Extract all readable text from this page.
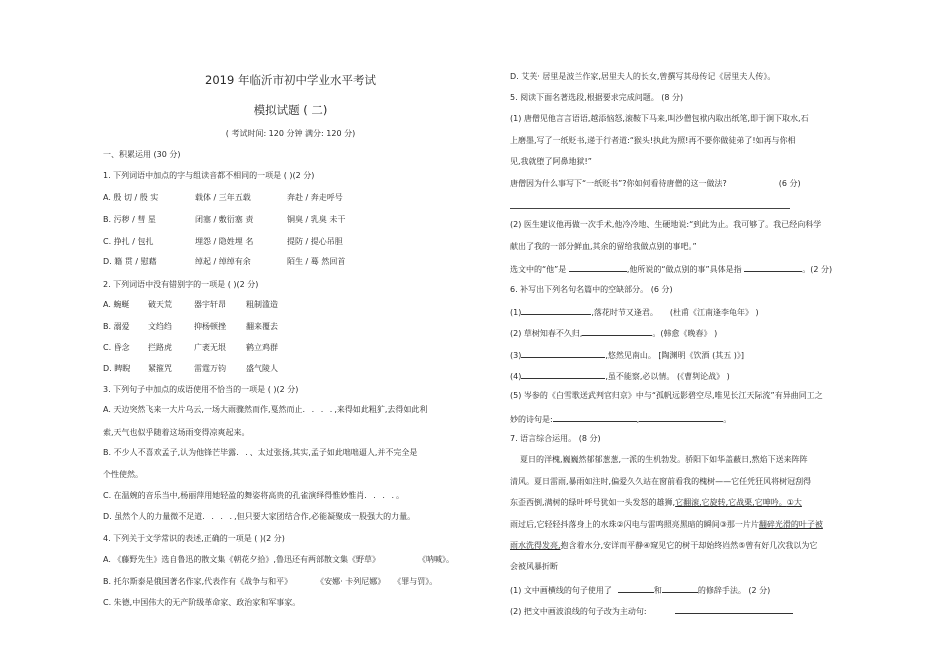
2019 年临沂市初中学业水平考试
模拟试题 ( 二)
( 考试时间: 120 分钟 满分: 120 分)
一、积累运用 (30 分)
1. 下列词语中加点的字与组读音都不相同的一项是 ( )(2 分)
A. 殷 切 / 殷 实	载体 / 三年五载	奔赴 / 奔走呼号
B. 污秽 / 彗 星	闭塞 / 敷衍塞 责	铜臭 / 乳臭 未干
C. 挣扎 / 包扎	埋怨 / 隐姓埋 名	提防 / 提心吊胆
D. 籍 贯 / 慰藉	绰起 / 绰绰有余	陌生 / 蓦 然回首
2. 下列词语中没有错别字的一项是 ( )(2 分)
A. 蜿蜒 破天荒	器宇轩昂	粗制滥造
B. 溺爱 文绉绉	抑杨顿挫	翻来覆去
C. 昏念 拦路虎	广袤无垠	鹤立鸡群
D. 睥睨 紧箍咒	雷霆万钧	盛气陵人
3. 下列句子中加点的成语使用不恰当的一项是 ( )(2 分)
A. 天边突然飞来一大片乌云,一场大雨骤然而作,戛然而止. . . .,来得如此粗犷,去得如此利
索,天气也似乎随着这场雨变得凉爽起来。
B. 不少人不喜欢孟子,认为他锋芒毕露. .、太过张扬,其实,孟子如此咄咄逼人,并不完全是
个性使然。
C. 在温婉的音乐当中,杨丽萍用她轻盈的舞姿将高贵的孔雀演绎得惟妙惟肖. . . .。
D. 虽然个人的力量微不足道. . . .,但只要大家团结合作,必能凝聚成一股强大的力量。
4. 下列关于文学常识的表述,正确的一项是 ( )(2 分)
A. 《藤野先生》选自鲁迅的散文集《朝花夕拾》,鲁迅还有两部散文集《野草》	《呐喊》。
B. 托尔斯泰是俄国著名作家,代表作有《战争与和平》	《安娜· 卡列尼娜》 《罪与罚》。
C. 朱德,中国伟大的无产阶级革命家、政治家和军事家。
D. 艾芙· 居里是波兰作家,居里夫人的长女,曾撰写其母传记《居里夫人传》。
5. 阅读下面名著选段,根据要求完成问题。 (8 分)
(1) 唐僧见他言言语语,越添恼怒,滚鞍下马来,叫沙僧包袱内取出纸笔,即于涧下取水,石
上磨墨,写了一纸贬书,递于行者道:“猴头!执此为照!再不要你做徒弟了!如再与你相
见,我就堕了阿鼻地狱!”
唐僧因为什么事写下“一纸贬书”?你如何看待唐僧的这一做法?	(6 分)
(2) 医生建议他再做一次手术,他冷冷地、生硬地说:“到此为止。我可够了。我已经向科学
献出了我的一部分鲜血,其余的留给我做点别的事吧。”
选文中的“他”是	,他所说的“做点别的事”具体是指	。(2 分)
6. 补写出下列名句名篇中的空缺部分。 (6 分)
(1)	,落花时节又逢君。 (杜甫《江南逢李龟年》 )
(2) 草树知春不久归,	。(韩愈《晚春》 )
(3)	,悠然见南山。 [陶渊明《饮酒 (其五 )》]
(4)	,虽不能察,必以情。 (《曹刿论战》 )
(5) 岑参的《白雪歌送武判官归京》中与“孤帆远影碧空尽,唯见长江天际流”有异曲同工之
妙的诗句是:	,	。
7. 语言综合运用。 (8 分)
夏日的洋槐,巍巍然郁郁葱葱,一派的生机勃发。骄阳下如华盖蔽日,熬焰下送来阵阵
清风。夏日雷雨,暴雨如注时,偏爱久久站在窗前看我的槐树——它任凭狂风将树冠刮得
东歪西倒,满树的绿叶呼号犹如一头发怒的雄狮,它翻滚,它旋转,它战栗,它呻吟。①大
雨过后,它轻轻抖落身上的水珠②闪电与雷鸣照亮黑暗的瞬间③那一片片翻碎光滑的叶子被
雨水洗得发亮,抱含着水分,安详而平静④窥见它的树干却始终岿然⑤曾有好几次我以为它
会被风暴折断
(1) 文中画横线的句子使用了	和	的修辞手法。 (2 分)
(2) 把文中画波浪线的句子改为主动句:
